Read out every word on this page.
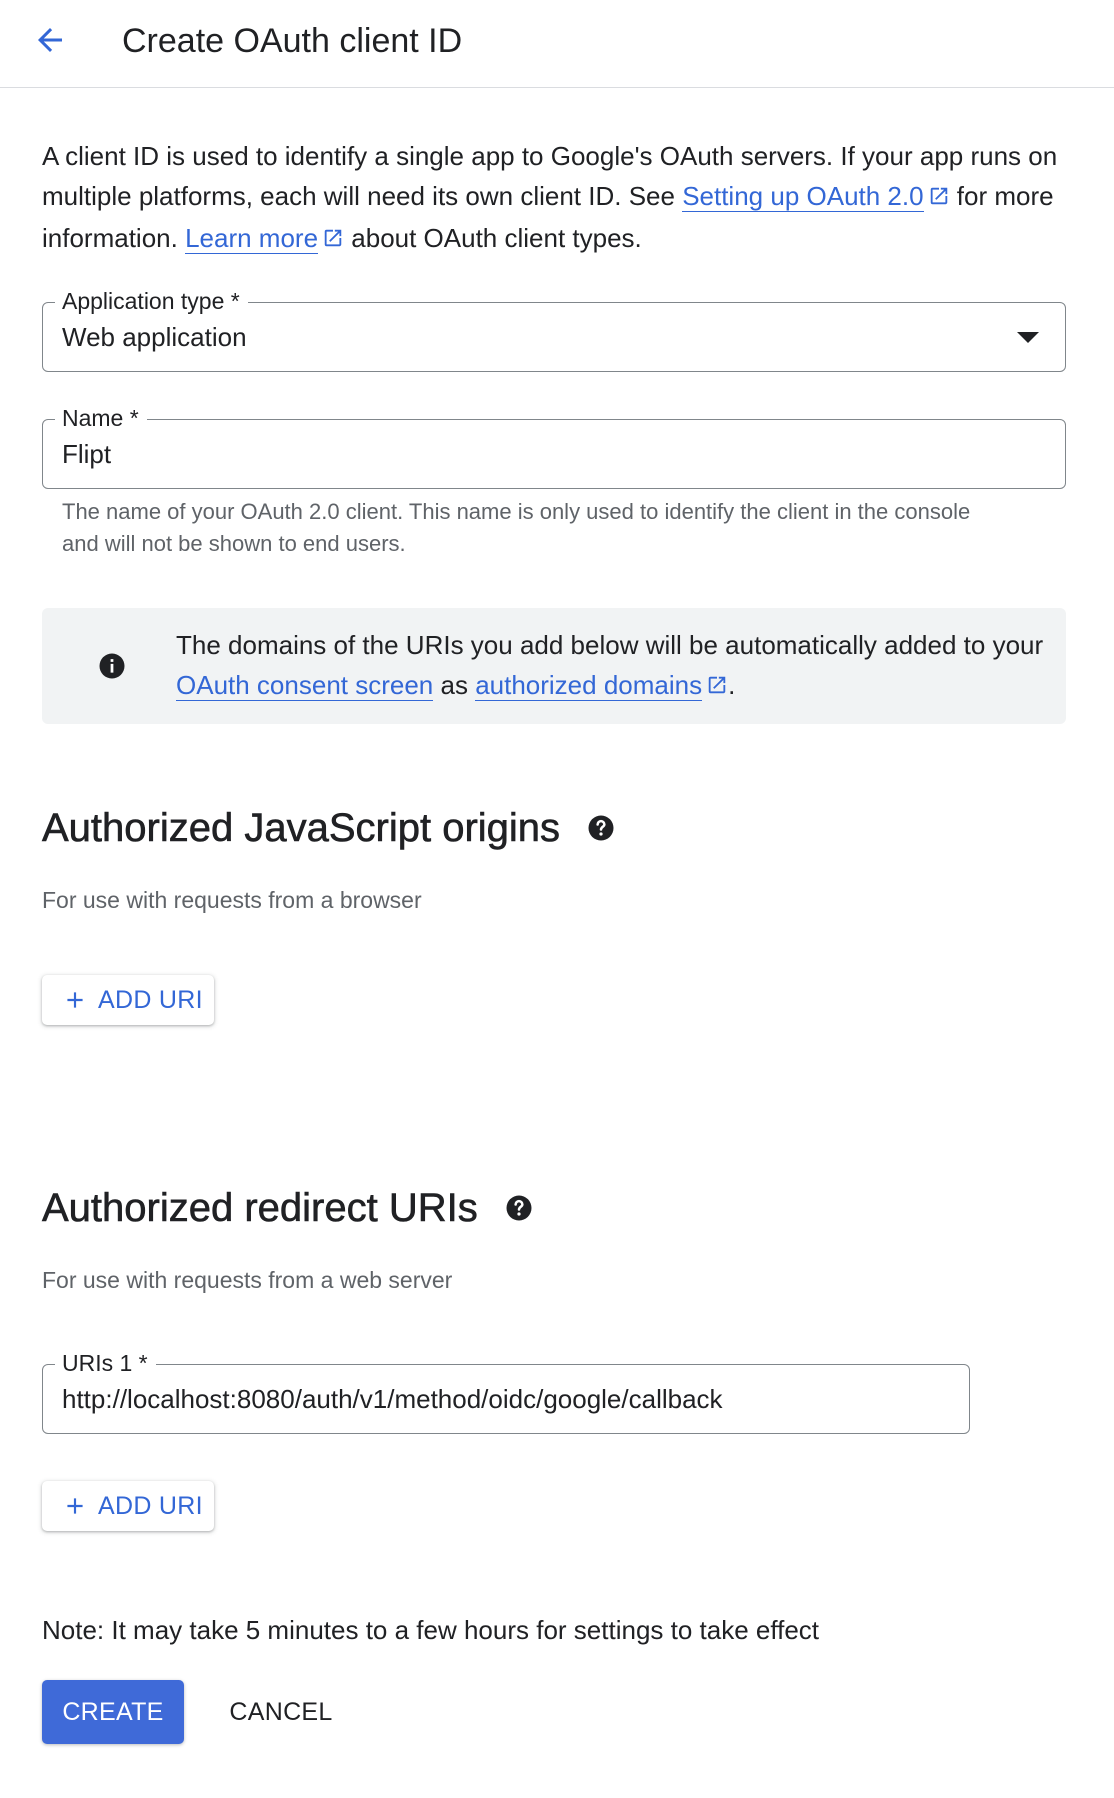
Create OAuth client ID
A client ID is used to identify a single app to Google's OAuth servers. If your app runs on multiple platforms, each will need its own client ID. See Setting up OAuth 2.0 for more information. Learn more about OAuth client types.
Application type *
Web application
Name *
Flipt
The name of your OAuth 2.0 client. This name is only used to identify the client in the console and will not be shown to end users.
The domains of the URIs you add below will be automatically added to your OAuth consent screen as authorized domains .
Authorized JavaScript origins
For use with requests from a browser
ADD URI
Authorized redirect URIs
For use with requests from a web server
URIs 1 *
http://localhost:8080/auth/v1/method/oidc/google/callback
ADD URI
Note: It may take 5 minutes to a few hours for settings to take effect
CREATE	CANCEL
